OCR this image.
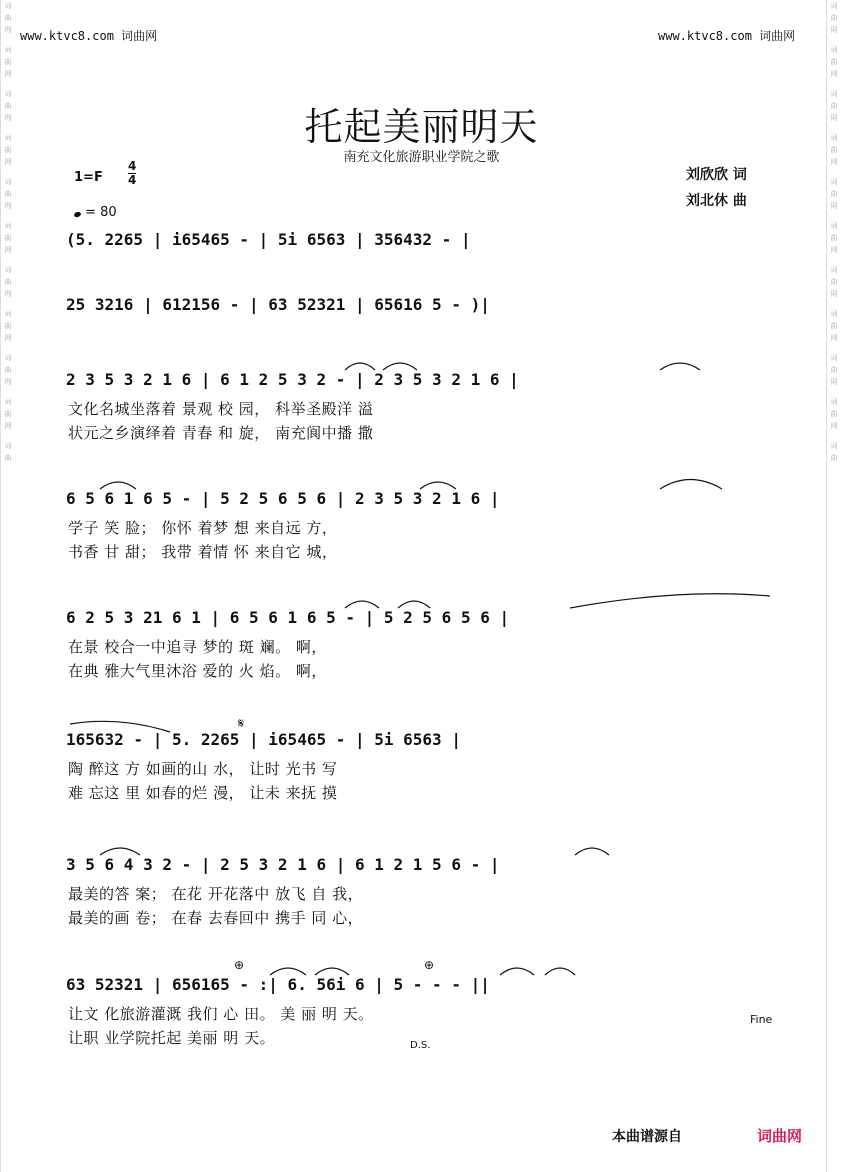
词
曲
网
词
曲
网
词
曲
网
词
曲
网
词
曲
网
词
曲
网
词
曲
网
词
曲
网
词
曲
网
词
曲
网
词
曲
词
曲
网
词
曲
网
词
曲
网
词
曲
网
词
曲
网
词
曲
网
词
曲
网
词
曲
网
词
曲
网
词
曲
网
词
曲
www.ktvc8.com 词曲网	www.ktvc8.com 词曲网
托起美丽明天
南充文化旅游职业学院之歌
刘欣欣 词
刘北休 曲
1=F
4
4
= 80
(5. 2265 | i65465 - | 5i 6563 | 356432 - |
25 3216 | 612156 - | 63 52321 | 65616 5 - )|
2 3 5 3 2 1 6 | 6 1 2 5 3 2 - | 2 3 5 3 2 1 6 |
文化名城坐落着 景观 校 园， 科举圣殿洋 溢
状元之乡演绎着 青春 和 旋， 南充阆中播 撒
6 5 6 1 6 5 - | 5 2 5 6 5 6 | 2 3 5 3 2 1 6 |
学子 笑 脸； 你怀 着梦 想 来自远 方，
书香 甘 甜； 我带 着情 怀 来自它 城，
6 2 5 3 21 6 1 | 6 5 6 1 6 5 - | 5 2 5 6 5 6 |
在景 校合一中追寻 梦的 斑 斓。 啊，
在典 雅大气里沐浴 爱的 火 焰。 啊，
165632 - | 5. 2265 | i65465 - | 5i 6563 |
陶 醉这 方 如画的山 水， 让时 光书 写
难 忘这 里 如春的烂 漫， 让未 来抚 摸
3 5 6 4 3 2 - | 2 5 3 2 1 6 | 6 1 2 1 5 6 - |
最美的答 案； 在花 开花落中 放飞 自 我，
最美的画 卷； 在春 去春回中 携手 同 心，
63 52321 | 656165 - :| 6. 56i 6 | 5 - - - ||
让文 化旅游灌溉 我们 心 田。 美 丽 明 天。
让职 业学院托起 美丽 明 天。
𝄋
⊕	⊕
Fine
D.S.
本曲谱源自	词曲网
